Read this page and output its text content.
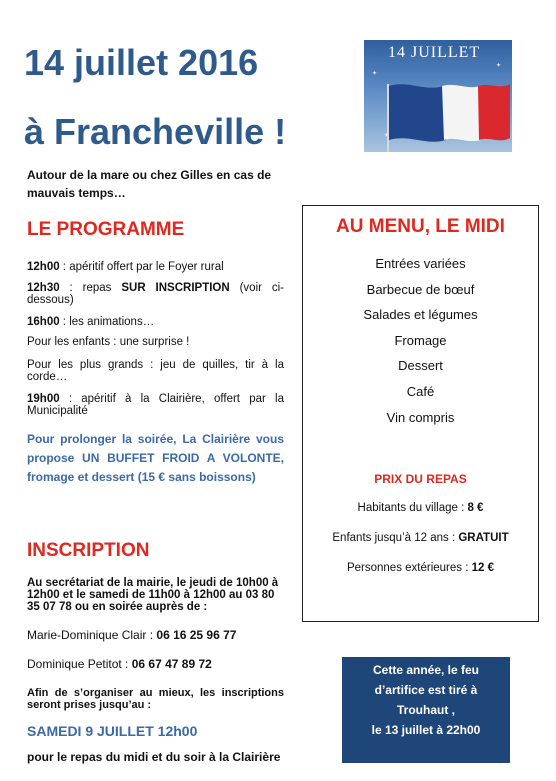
14 juillet 2016
à Francheville !
✦
✦
✦
14 JUILLET
Autour de la mare ou chez Gilles en cas de mauvais temps…
LE PROGRAMME
12h00 : apéritif offert par le Foyer rural
12h30 : repas SUR INSCRIPTION (voir ci-dessous)
16h00 : les animations…
Pour les enfants : une surprise !
Pour les plus grands : jeu de quilles, tir à la corde…
19h00 : apéritif à la Clairière, offert par la Municipalité
Pour prolonger la soirée, La Clairière vous propose UN BUFFET FROID A VOLONTE, fromage et dessert (15 € sans boissons)
AU MENU, LE MIDI
Entrées variées
Barbecue de bœuf
Salades et légumes
Fromage
Dessert
Café
Vin compris
PRIX DU REPAS
Habitants du village : 8 €
Enfants jusqu’à 12 ans : GRATUIT
Personnes extérieures : 12 €
INSCRIPTION
Au secrétariat de la mairie, le jeudi de 10h00 à 12h00 et le samedi de 11h00 à 12h00 au 03 80 35 07 78 ou en soirée auprès de :
Marie-Dominique Clair : 06 16 25 96 77
Dominique Petitot : 06 67 47 89 72
Afin de s’organiser au mieux, les inscriptions seront prises jusqu’au :
SAMEDI 9 JUILLET 12h00
pour le repas du midi et du soir à la Clairière
Cette année, le feu
d’artifice est tiré à
Trouhaut ,
le 13 juillet à 22h00
